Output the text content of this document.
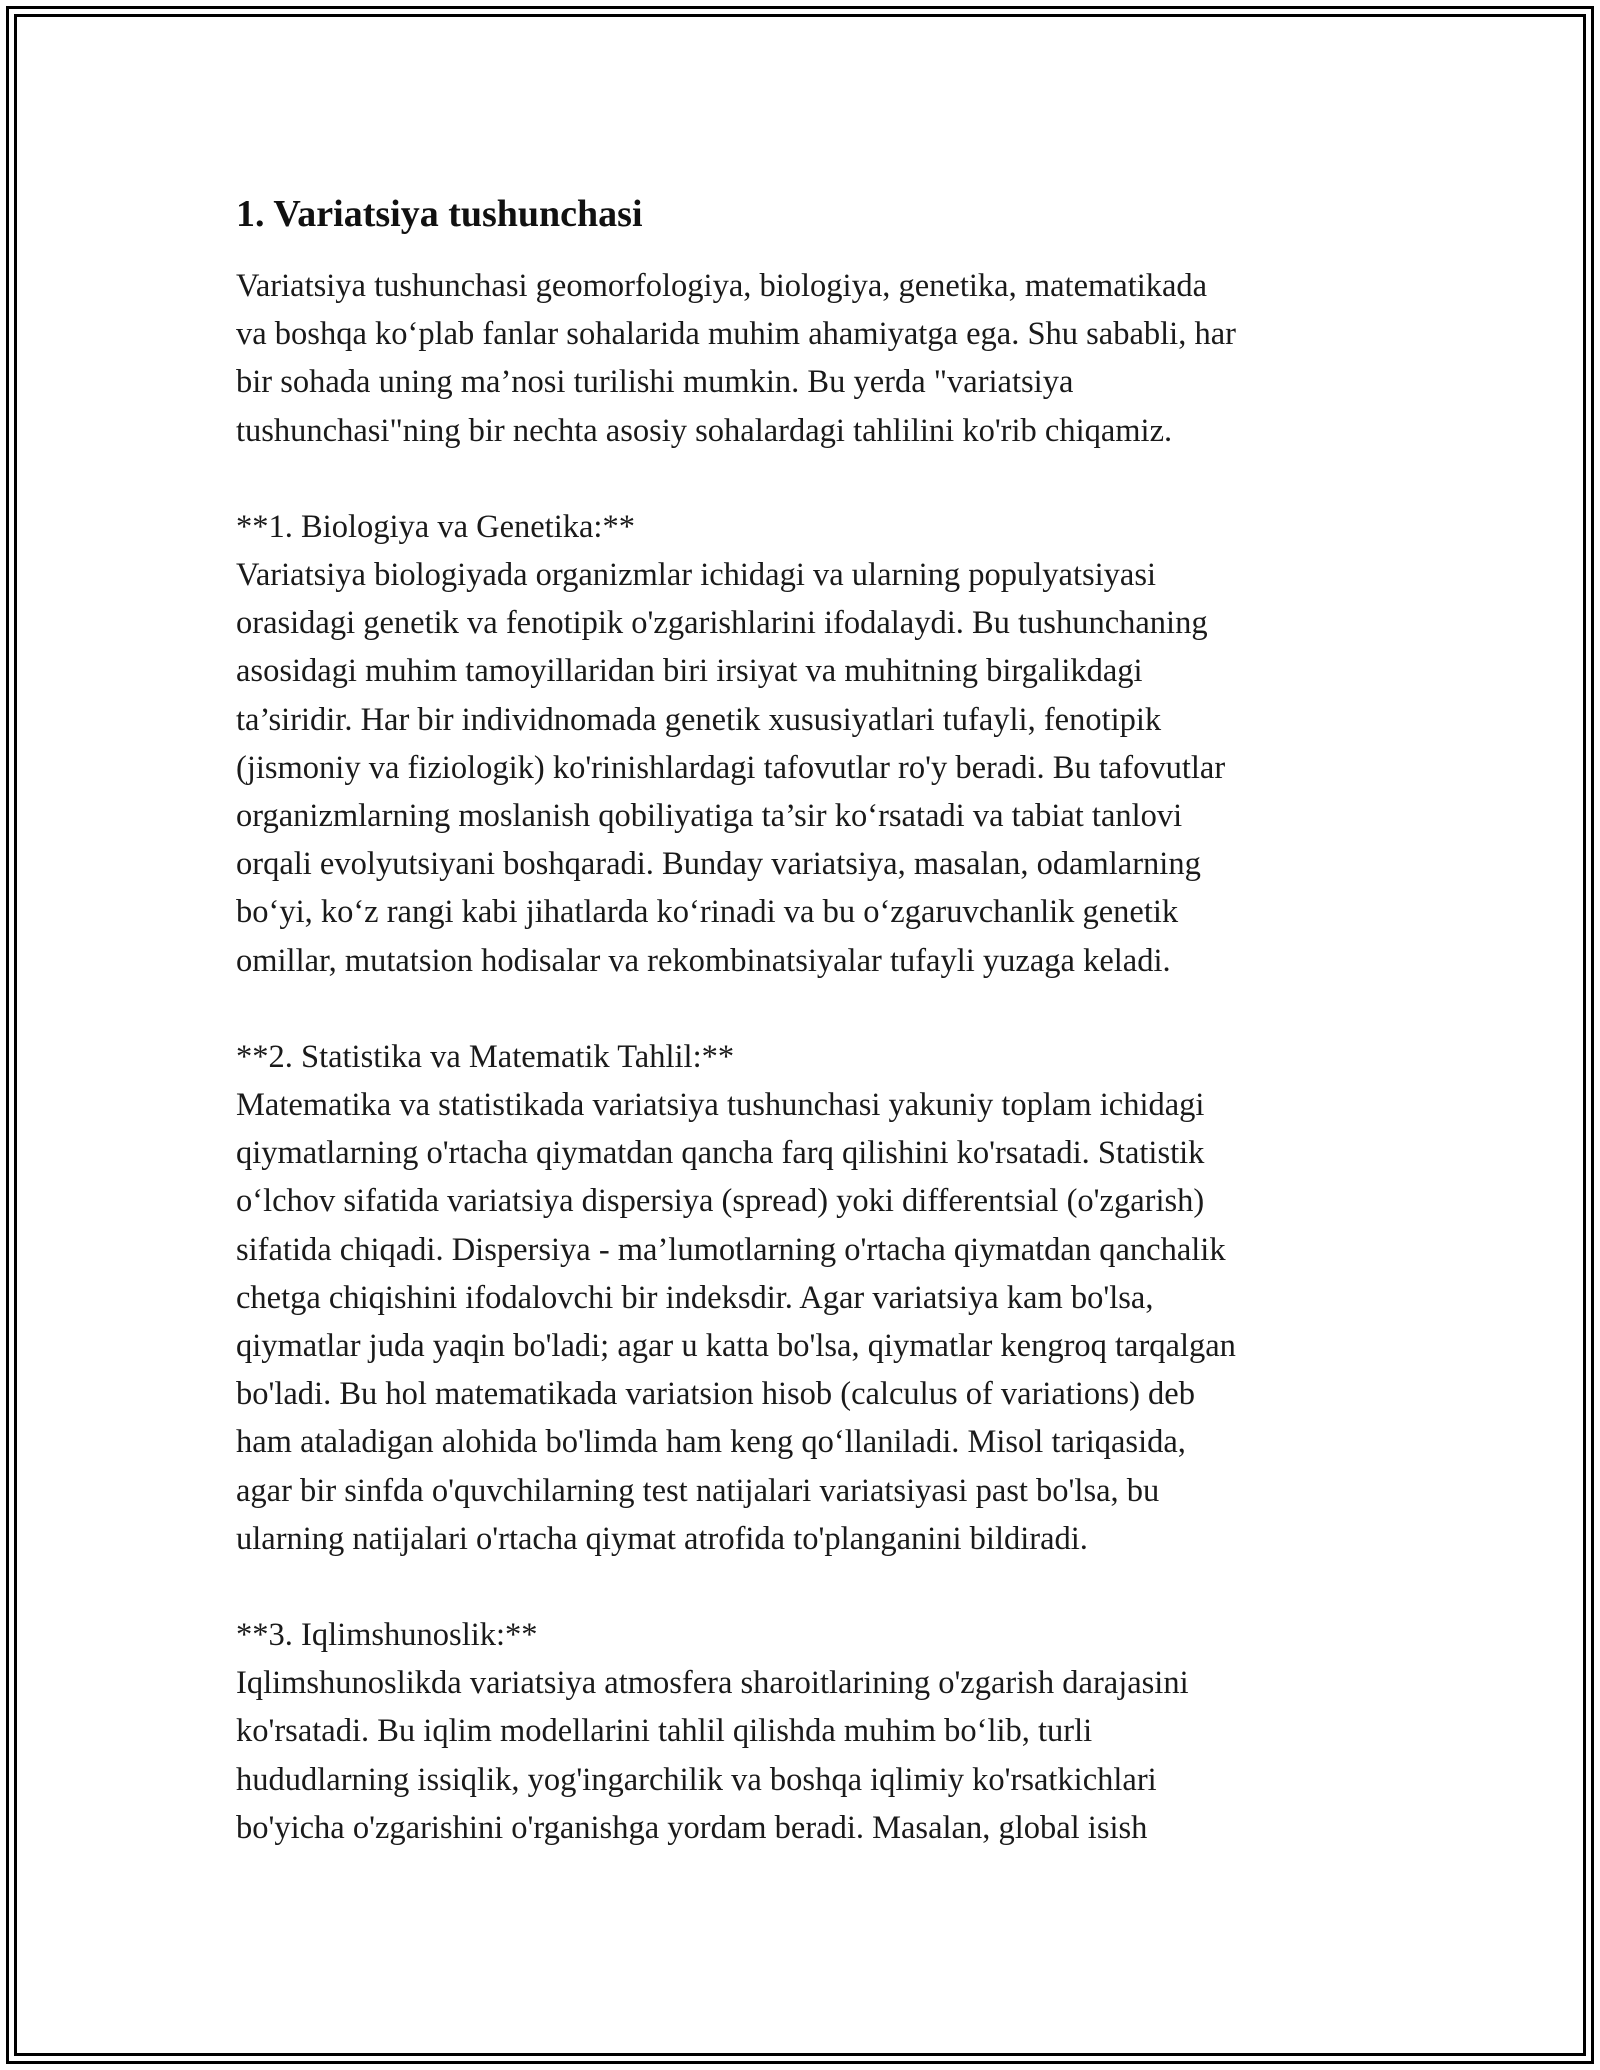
1. Variatsiya tushunchasi
Variatsiya tushunchasi geomorfologiya, biologiya, genetika, matematikada
va boshqa ko‘plab fanlar sohalarida muhim ahamiyatga ega. Shu sababli, har
bir sohada uning ma’nosi turilishi mumkin. Bu yerda "variatsiya
tushunchasi"ning bir nechta asosiy sohalardagi tahlilini ko'rib chiqamiz.
**1. Biologiya va Genetika:**
Variatsiya biologiyada organizmlar ichidagi va ularning populyatsiyasi
orasidagi genetik va fenotipik o'zgarishlarini ifodalaydi. Bu tushunchaning
asosidagi muhim tamoyillaridan biri irsiyat va muhitning birgalikdagi
ta’siridir. Har bir individnomada genetik xususiyatlari tufayli, fenotipik
(jismoniy va fiziologik) ko'rinishlardagi tafovutlar ro'y beradi. Bu tafovutlar
organizmlarning moslanish qobiliyatiga ta’sir ko‘rsatadi va tabiat tanlovi
orqali evolyutsiyani boshqaradi. Bunday variatsiya, masalan, odamlarning
bo‘yi, ko‘z rangi kabi jihatlarda ko‘rinadi va bu o‘zgaruvchanlik genetik
omillar, mutatsion hodisalar va rekombinatsiyalar tufayli yuzaga keladi.
**2. Statistika va Matematik Tahlil:**
Matematika va statistikada variatsiya tushunchasi yakuniy toplam ichidagi
qiymatlarning o'rtacha qiymatdan qancha farq qilishini ko'rsatadi. Statistik
o‘lchov sifatida variatsiya dispersiya (spread) yoki differentsial (o'zgarish)
sifatida chiqadi. Dispersiya - ma’lumotlarning o'rtacha qiymatdan qanchalik
chetga chiqishini ifodalovchi bir indeksdir. Agar variatsiya kam bo'lsa,
qiymatlar juda yaqin bo'ladi; agar u katta bo'lsa, qiymatlar kengroq tarqalgan
bo'ladi. Bu hol matematikada variatsion hisob (calculus of variations) deb
ham ataladigan alohida bo'limda ham keng qo‘llaniladi. Misol tariqasida,
agar bir sinfda o'quvchilarning test natijalari variatsiyasi past bo'lsa, bu
ularning natijalari o'rtacha qiymat atrofida to'planganini bildiradi.
**3. Iqlimshunoslik:**
Iqlimshunoslikda variatsiya atmosfera sharoitlarining o'zgarish darajasini
ko'rsatadi. Bu iqlim modellarini tahlil qilishda muhim bo‘lib, turli
hududlarning issiqlik, yog'ingarchilik va boshqa iqlimiy ko'rsatkichlari
bo'yicha o'zgarishini o'rganishga yordam beradi. Masalan, global isish
